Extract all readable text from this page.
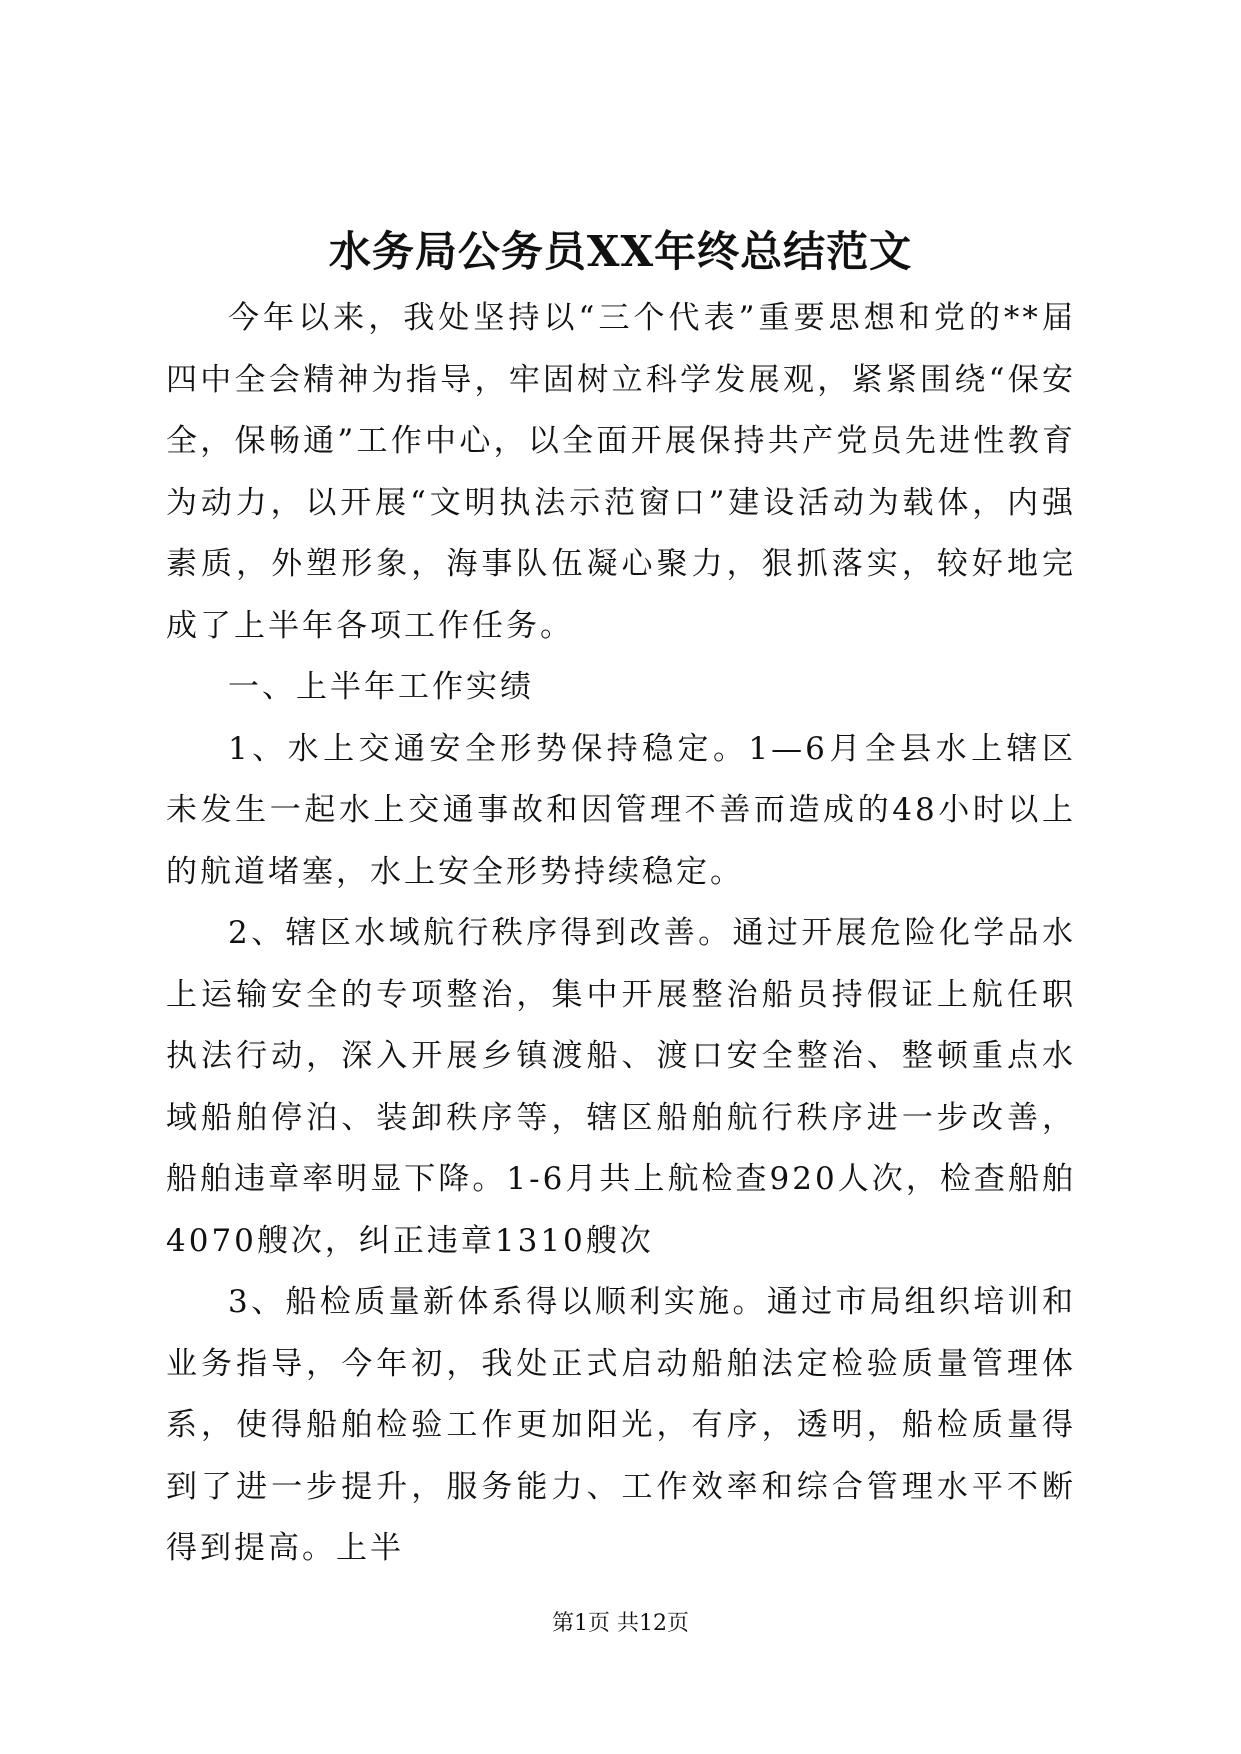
水务局公务员XX年终总结范文

今年以来，我处坚持以“三个代表”重要思想和党的**届四中全会精神为指导，牢固树立科学发展观，紧紧围绕“保安全，保畅通”工作中心，以全面开展保持共产党员先进性教育为动力，以开展“文明执法示范窗口”建设活动为载体，内强素质，外塑形象，海事队伍凝心聚力，狠抓落实，较好地完成了上半年各项工作任务。

一、上半年工作实绩

1、水上交通安全形势保持稳定。1—6月全县水上辖区未发生一起水上交通事故和因管理不善而造成的48小时以上的航道堵塞，水上安全形势持续稳定。

2、辖区水域航行秩序得到改善。通过开展危险化学品水上运输安全的专项整治，集中开展整治船员持假证上航任职执法行动，深入开展乡镇渡船、渡口安全整治、整顿重点水域船舶停泊、装卸秩序等，辖区船舶航行秩序进一步改善，船舶违章率明显下降。1-6月共上航检查920人次，检查船舶4070艘次，纠正违章1310艘次

3、船检质量新体系得以顺利实施。通过市局组织培训和业务指导，今年初，我处正式启动船舶法定检验质量管理体系，使得船舶检验工作更加阳光，有序，透明，船检质量得到了进一步提升，服务能力、工作效率和综合管理水平不断得到提高。上半

第1页 共12页
